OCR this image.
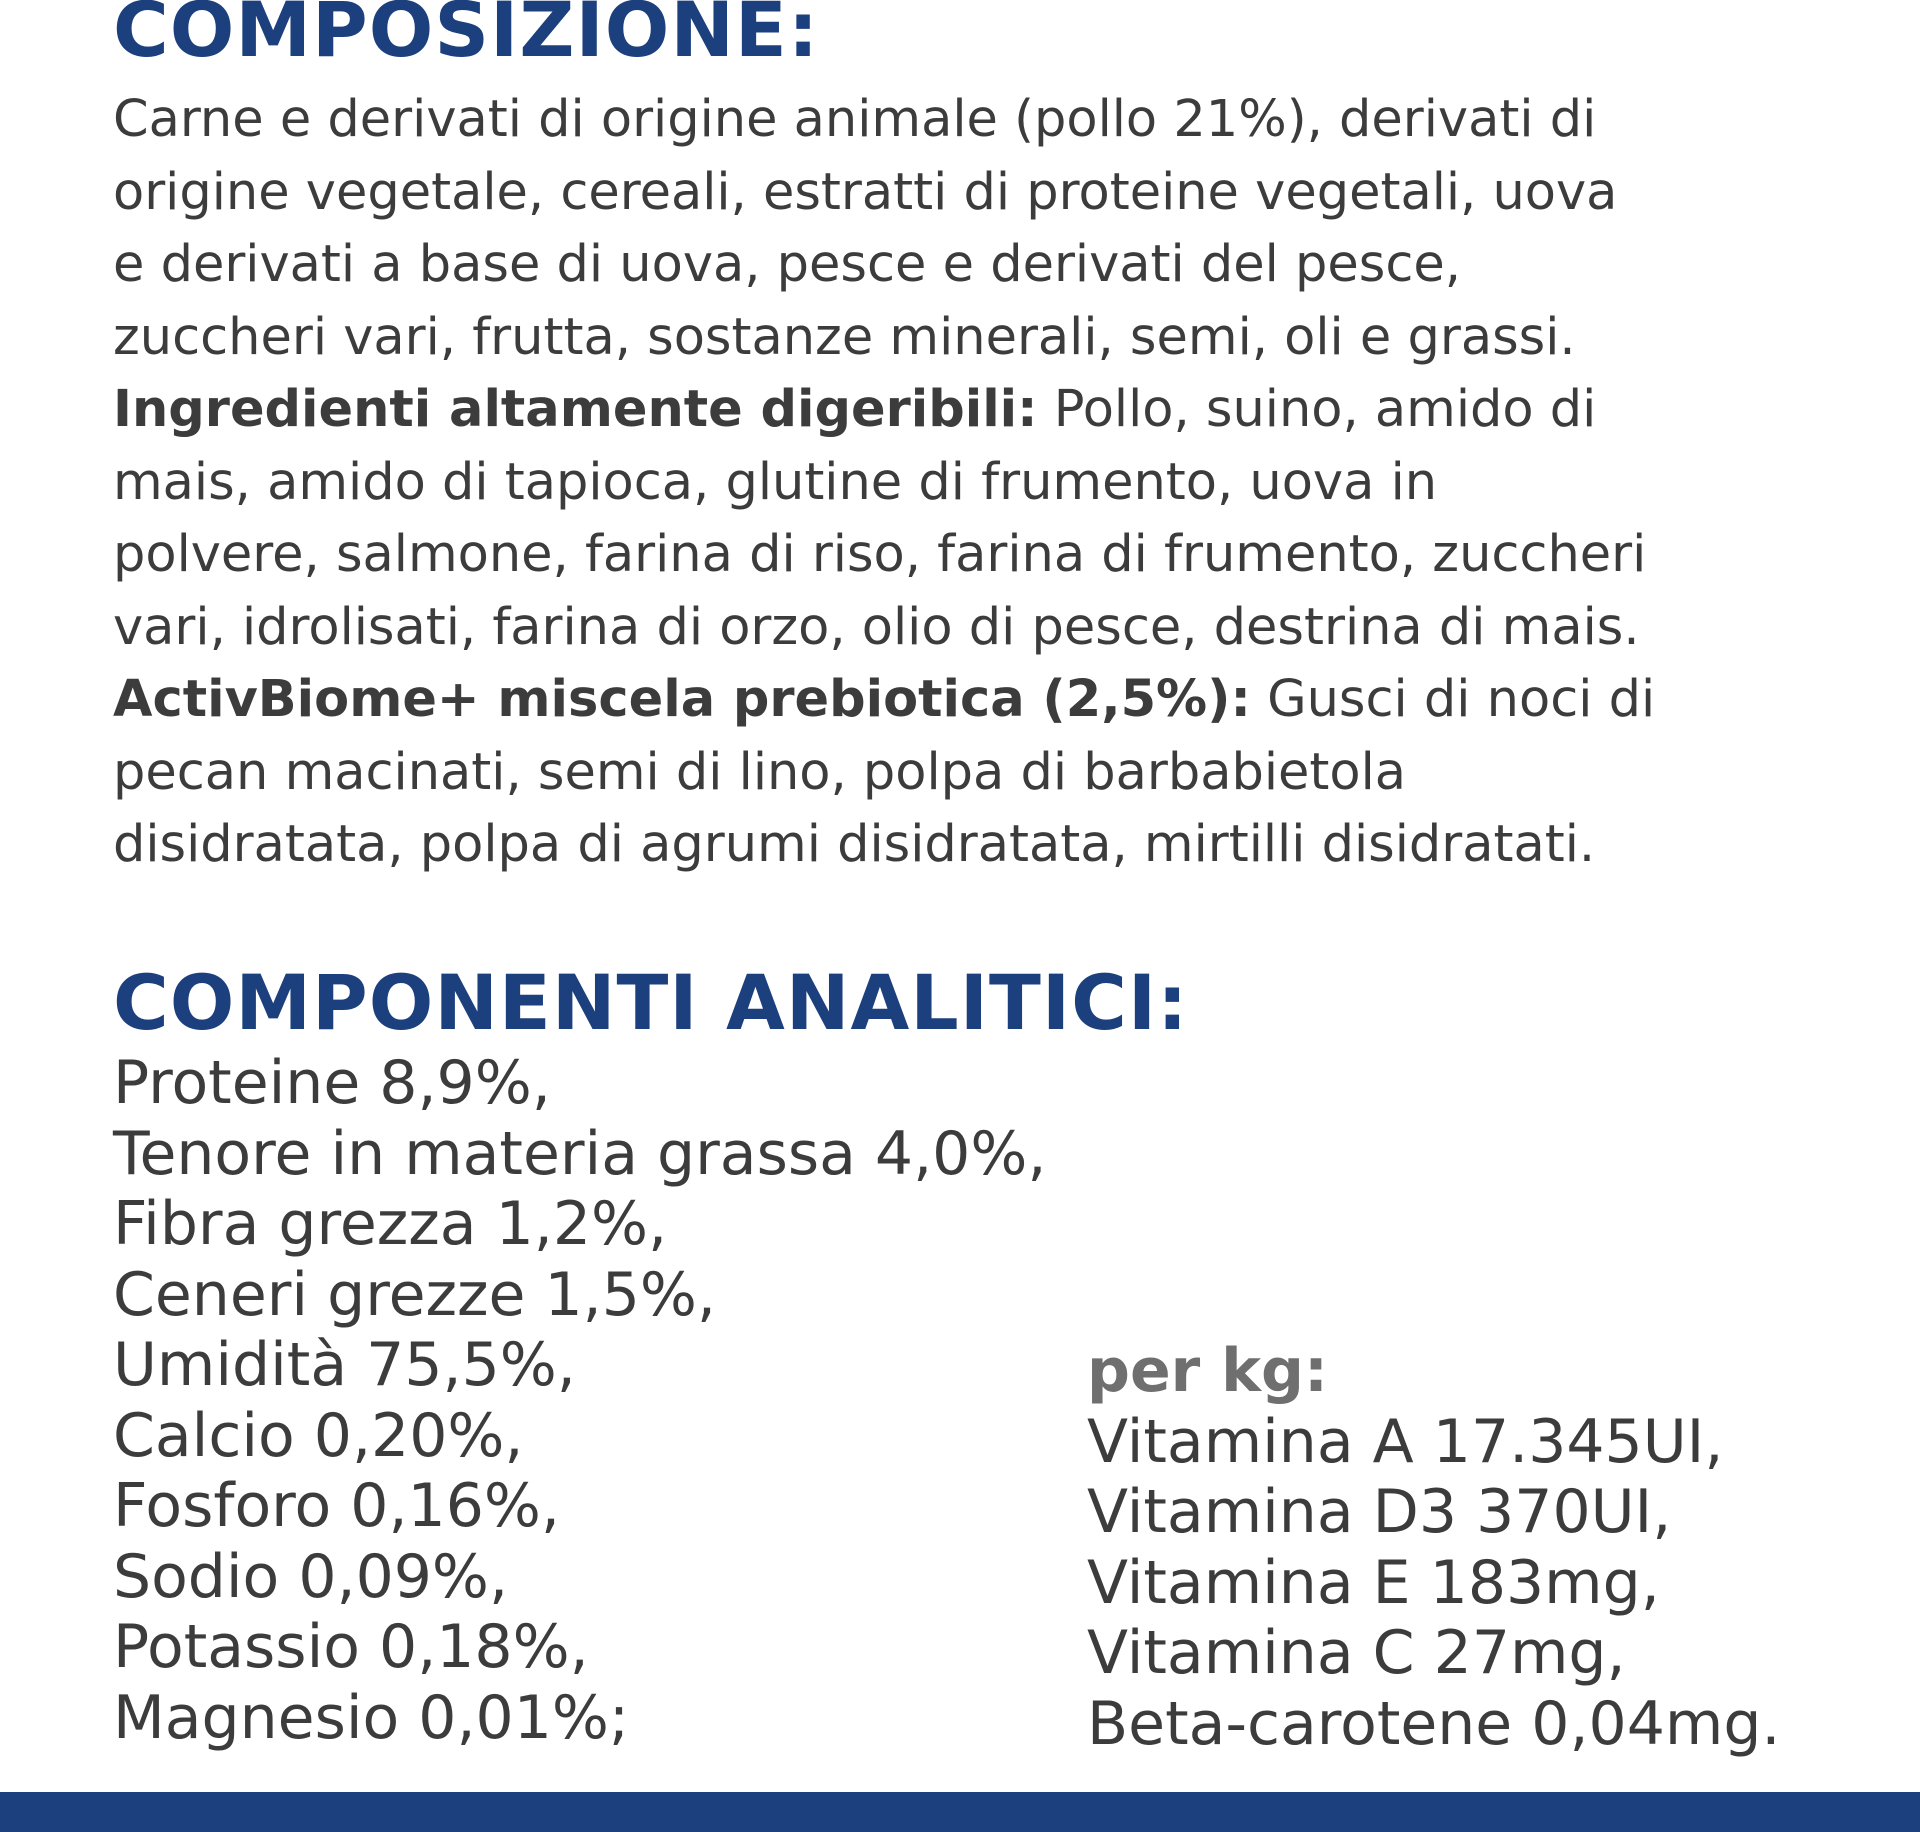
COMPOSIZIONE:
Carne e derivati di origine animale (pollo 21%), derivati di
origine vegetale, cereali, estratti di proteine vegetali, uova
e derivati a base di uova, pesce e derivati del pesce,
zuccheri vari, frutta, sostanze minerali, semi, oli e grassi.
Ingredienti altamente digeribili: Pollo, suino, amido di
mais, amido di tapioca, glutine di frumento, uova in
polvere, salmone, farina di riso, farina di frumento, zuccheri
vari, idrolisati, farina di orzo, olio di pesce, destrina di mais.
ActivBiome+ miscela prebiotica (2,5%): Gusci di noci di
pecan macinati, semi di lino, polpa di barbabietola
disidratata, polpa di agrumi disidratata, mirtilli disidratati.
COMPONENTI ANALITICI:
Proteine 8,9%,
Tenore in materia grassa 4,0%,
Fibra grezza 1,2%,
Ceneri grezze 1,5%,
Umidità 75,5%,
Calcio 0,20%,
Fosforo 0,16%,
Sodio 0,09%,
Potassio 0,18%,
Magnesio 0,01%;
per kg:
Vitamina A 17.345UI,
Vitamina D3 370UI,
Vitamina E 183mg,
Vitamina C 27mg,
Beta-carotene 0,04mg.
